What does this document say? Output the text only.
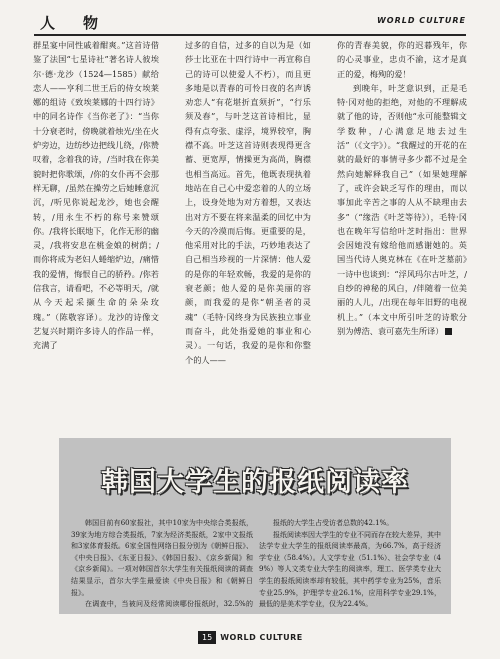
人物	WORLD CULTURE

群星宴中同性戚着酣爽。”这首诗借鉴了法国“七星诗社”著名诗人彼埃尔·德·龙沙（1524—1585）献给恋人——亨利二世王后的侍女埃莱娜的组诗《致埃莱娜的十四行诗》中的同名诗作《当你老了》：“当你十分衰老时，傍晚就着烛光/坐在火炉旁边，边纺纱边把线儿绕，/你赞叹着，念着我的诗，/当时我在你美貌时把你歌颂，/你的女仆再不会那样无聊，/虽然在操劳之后她睡意沉沉，/听见你说起龙沙，她也会醒转，/用永生不朽的称号来赞颂你。/我将长眠地下，化作无形的幽灵，/我将安息在桃金娘的树荫；/而你将成为老妇人蜷缩炉边，/痛惜我的爱情，悔恨自己的骄矜。/你若信我言，请看吧，不必等明天，/就从今天起采撷生命的朵朵玫瑰。”（陈敬容译）。龙沙的诗像文艺复兴时期许多诗人的作品一样，充满了

过多的自信，过多的自以为是（如莎士比亚在十四行诗中一再宣称自己的诗可以使爱人不朽），而且更多地是以青春的可怜日夜的名声诱劝恋人“有花堪折直须折”，“行乐须及春”，与叶芝这首诗相比，显得有点夸张、虚浮，境界较窄，胸襟不高。叶芝这首诗则表现得更含蓄、更宽厚，情操更为高尚，胸襟也相当高远。首先，他既表现执着地站在自己心中爱恋着的人的立场上，设身处地为对方着想，又表达出对方不要在将来温柔的回忆中为今天的冷漠而后悔。更重要的是，他采用对比的手法，巧妙地表达了自己相当珍视的一片深情：他人爱的是你的年轻欢畅，我爱的是你的衰老颜；他人爱的是你美丽的容颜，而我爱的是你“朝圣者的灵魂”（毛特·冈终身为民族独立事业而奋斗，此处指爱她的事业和心灵）。一句话，我爱的是你和你整个的人——

你的青春美貌，你的迟暮残年，你的心灵事业，忠贞不渝，这才是真正的爱，梅殉的爱！

到晚年，叶芝意识到，正是毛特·冈对他的拒绝，对他的不理解成就了他的诗，否则他“永可能整辑文学数种，/心满意足地去过生活”（《文字》）。“我醒过的开花的在就的最好的事情寻多少都不过是全然向她解释我自己”（如果她理解了，或许会缺乏写作的理由，而以事加此辛苦之事的人从不缺理由去多”（“缘浩《叶芝等待》），毛特·冈也在晚年写信给叶芝时指出：世界会因她没有嫁给他而感谢她的。英国当代诗人奥克林在《在叶芝墓前》一诗中也谈到：“浮风玛尔古叶芝，/自纱的神秘的风白，/伴随着一位美丽的人儿，/出现在每年旧野的电视机上。”（本文中所引叶芝的诗歌分别为傅浩、袁可嘉先生所译）

韩国大学生的报纸阅读率

韩国目前有60家报社，其中10家为中央综合类报纸，39家为地方综合类报纸，7家为经济类报纸，2家中文报纸和3家体育报纸。6家全国性网络日报分别为《朝鲜日报》、《中央日报》、《东亚日报》、《韩国日报》、《京乡新闻》和《京乡新闻》。一项对韩国首尔大学生有关报纸阅读的调查结果显示，首尔大学生最爱读《中央日报》和《朝鲜日报》。

在调查中，当被问及经常阅读哪份报纸时，32.5%的

报纸的大学生占受访者总数的42.1%。

报纸阅读率因大学生的专业不同而存在较大差异，其中法学专业大学生的报纸阅读率最高，为66.7%，高于经济学专业（58.4%）。人文学专业（51.1%）、社会学专业（49%）等人文类专业大学生的阅读率，理工、医学类专业大学生的报纸阅读率却有较低，其中药学专业为25%，音乐专业25.9%，护理学专业26.1%，应用科学专业29.1%，最低的是美术学专业，仅为22.4%。

15	WORLD CULTURE
